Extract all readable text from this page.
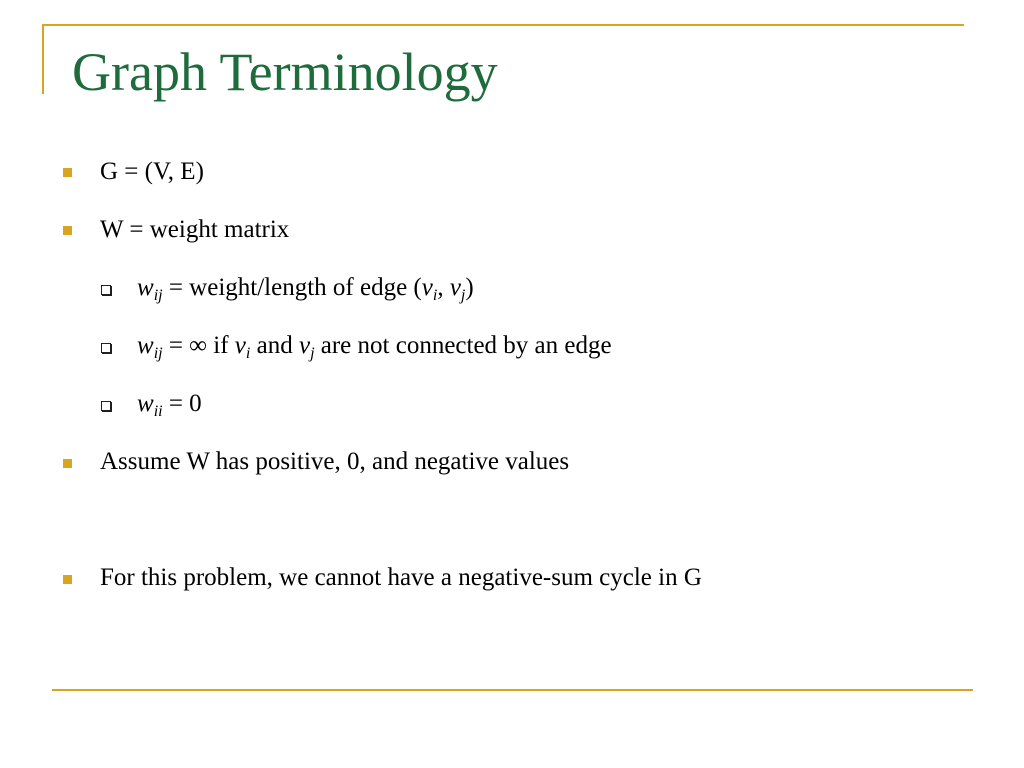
Graph Terminology
G = (V, E)
W = weight matrix
$w_{ij}$ = weight/length of edge ($v_i$, $v_j$)
$w_{ij}$ = ∞ if $v_i$ and $v_j$ are not connected by an edge
$w_{ii} = 0$
Assume W has positive, 0, and negative values
For this problem, we cannot have a negative-sum cycle in G
